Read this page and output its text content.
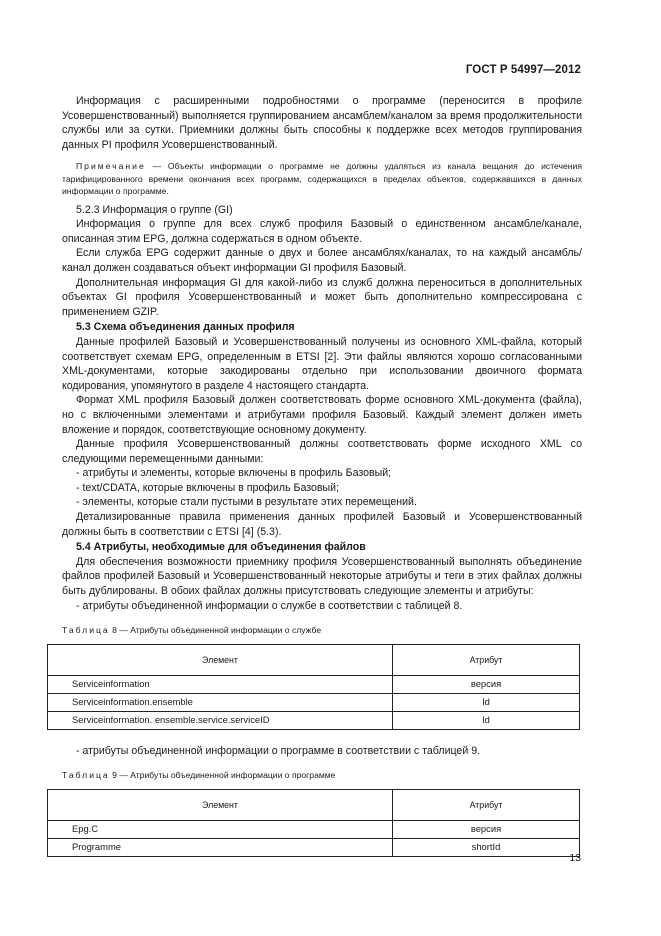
ГОСТ Р 54997—2012

Информация с расширенными подробностями о программе (переносится в профиле Усовершенствованный) выполняется группированием ансамблем/каналом за время продолжительности службы или за сутки. Приемники должны быть способны к поддержке всех методов группирования данных PI профиля Усовершенствованный.

Примечание — Объекты информации о программе не должны удаляться из канала вещания до истечения тарифицированного времени окончания всех программ, содержащихся в пределах объектов, содержавшихся в данных информации о программе.

5.2.3 Информация о группе (GI)

Информация о группе для всех служб профиля Базовый о единственном ансамбле/канале, описанная этим EPG, должна содержаться в одном объекте.

Если служба EPG содержит данные о двух и более ансамблях/каналах, то на каждый ансамбль/канал должен создаваться объект информации GI профиля Базовый.

Дополнительная информация GI для какой-либо из служб должна переноситься в дополнительных объектах GI профиля Усовершенствованный и может быть дополнительно компрессирована с применением GZIP.

5.3 Схема объединения данных профиля

Данные профилей Базовый и Усовершенствованный получены из основного XML-файла, который соответствует схемам EPG, определенным в ETSI [2]. Эти файлы являются хорошо согласованными XML-документами, которые закодированы отдельно при использовании двоичного формата кодирования, упомянутого в разделе 4 настоящего стандарта.

Формат XML профиля Базовый должен соответствовать форме основного XML-документа (файла), но с включенными элементами и атрибутами профиля Базовый. Каждый элемент должен иметь вложение и порядок, соответствующие основному документу.

Данные профиля Усовершенствованный должны соответствовать форме исходного XML со следующими перемещенными данными:

- атрибуты и элементы, которые включены в профиль Базовый;

- text/CDATA, которые включены в профиль Базовый;

- элементы, которые стали пустыми в результате этих перемещений.

Детализированные правила применения данных профилей Базовый и Усовершенствованный должны быть в соответствии с ETSI [4] (5.3).

5.4 Атрибуты, необходимые для объединения файлов

Для обеспечения возможности приемнику профиля Усовершенствованный выполнять объединение файлов профилей Базовый и Усовершенствованный некоторые атрибуты и теги в этих файлах должны быть дублированы. В обоих файлах должны присутствовать следующие элементы и атрибуты:

- атрибуты объединенной информации о службе в соответствии с таблицей 8.

Таблица 8 — Атрибуты объединенной информации о службе

Элемент	Атрибут
Serviceinformation	версия
Serviceinformation.ensemble	Id
Serviceinformation. ensemble.service.serviceID	Id

- атрибуты объединенной информации о программе в соответствии с таблицей 9.

Таблица 9 — Атрибуты объединенной информации о программе

Элемент	Атрибут
Epg.C	версия
Programme	shortId
13
